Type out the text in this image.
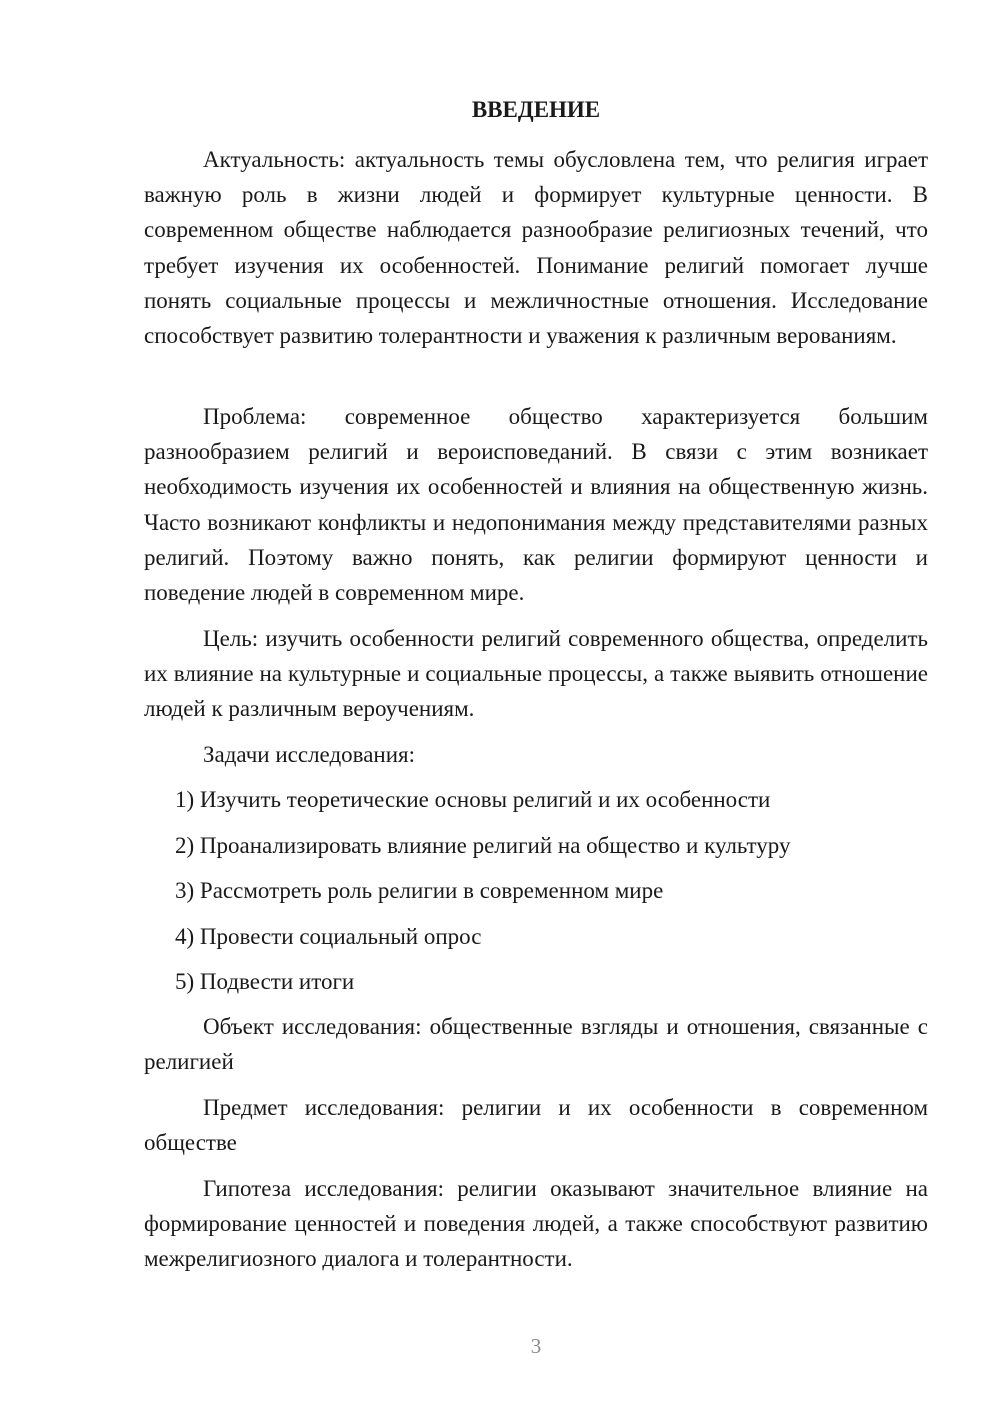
ВВЕДЕНИЕ

Актуальность: актуальность темы обусловлена тем, что религия играет важную роль в жизни людей и формирует культурные ценности. В современном обществе наблюдается разнообразие религиозных течений, что требует изучения их особенностей. Понимание религий помогает лучше понять социальные процессы и межличностные отношения. Исследование способствует развитию толерантности и уважения к различным верованиям.

Проблема: современное общество характеризуется большим разнообразием религий и вероисповеданий. В связи с этим возникает необходимость изучения их особенностей и влияния на общественную жизнь. Часто возникают конфликты и недопонимания между представителями разных религий. Поэтому важно понять, как религии формируют ценности и поведение людей в современном мире.

Цель: изучить особенности религий современного общества, определить их влияние на культурные и социальные процессы, а также выявить отношение людей к различным вероучениям.

Задачи исследования:

1) Изучить теоретические основы религий и их особенности
2) Проанализировать влияние религий на общество и культуру
3) Рассмотреть роль религии в современном мире
4) Провести социальный опрос
5) Подвести итоги

Объект исследования: общественные взгляды и отношения, связанные с религией

Предмет исследования: религии и их особенности в современном обществе

Гипотеза исследования: религии оказывают значительное влияние на формирование ценностей и поведения людей, а также способствуют развитию межрелигиозного диалога и толерантности.

3
